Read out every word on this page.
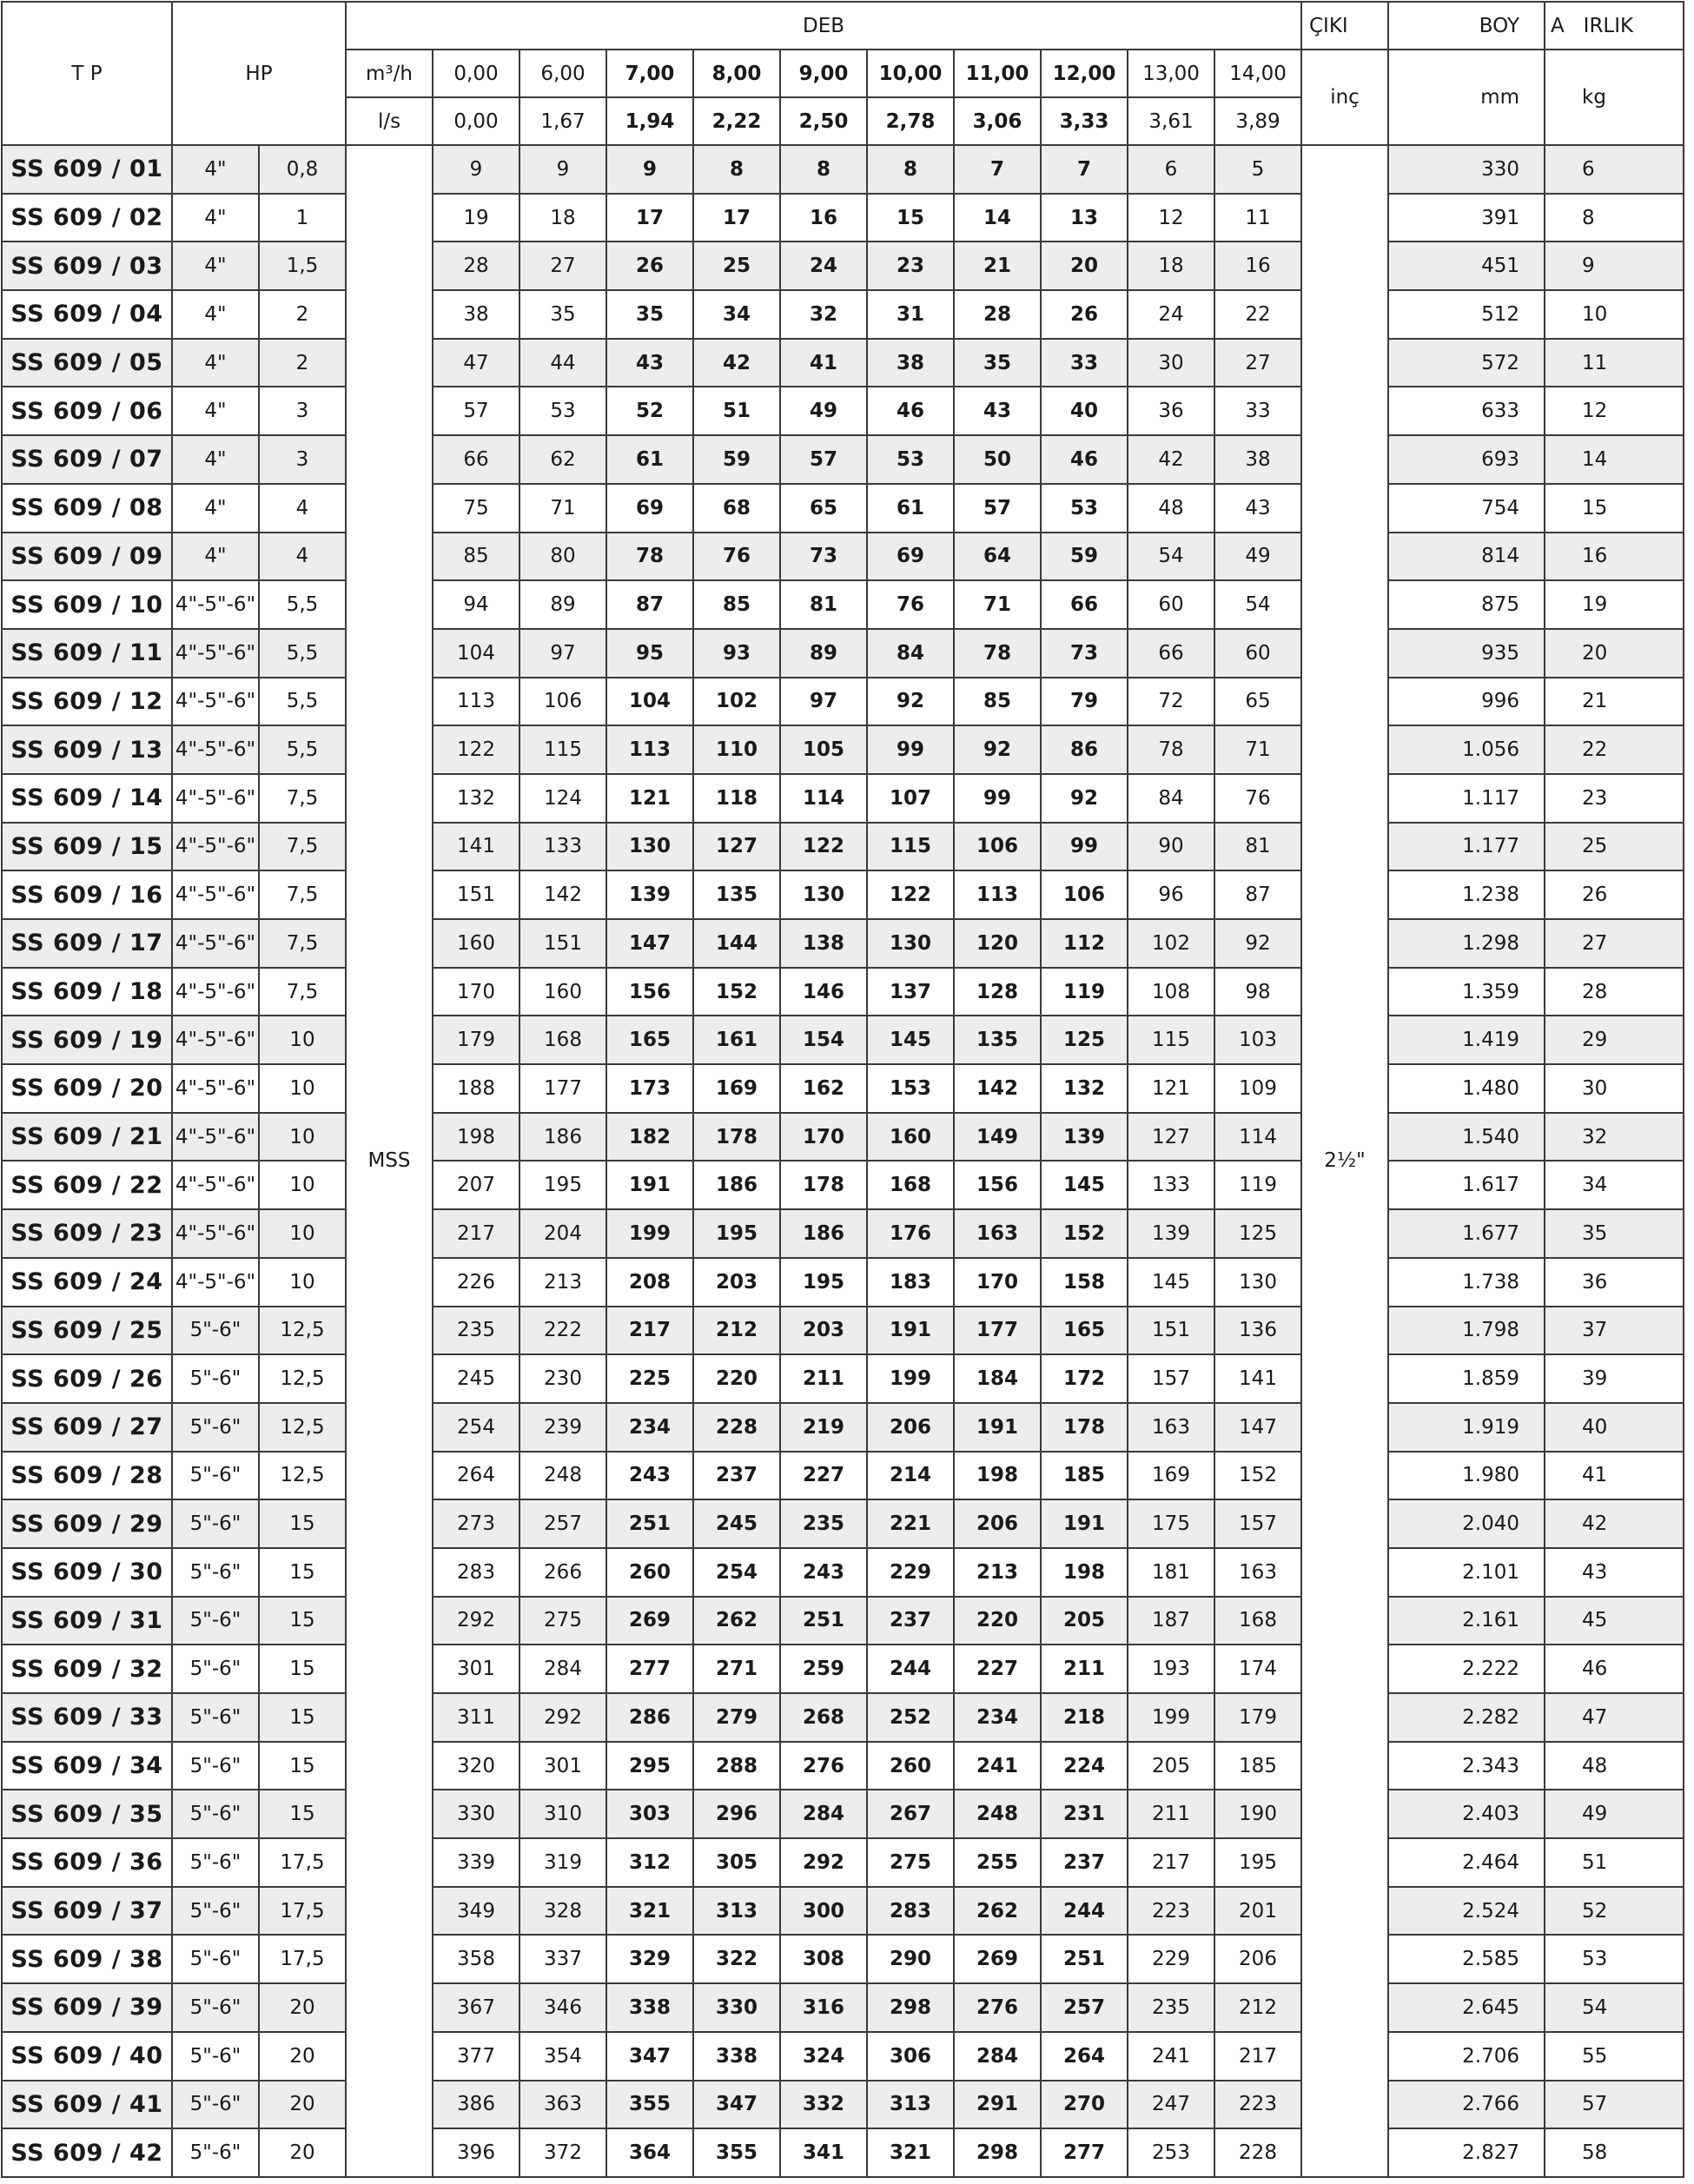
T P	HP		DEB											ÇIKI	BOY	A IRLIK
			m³/h	0,00	6,00	7,00	8,00	9,00	10,00	11,00	12,00	13,00	14,00	inç	mm	kg
			l/s	0,00	1,67	1,94	2,22	2,50	2,78	3,06	3,33	3,61	3,89			
SS 609 / 01	4"	0,8	MSS	9	9	9	8	8	8	7	7	6	5	2½"	330	6
SS 609 / 02	4"	1		19	18	17	17	16	15	14	13	12	11		391	8
SS 609 / 03	4"	1,5		28	27	26	25	24	23	21	20	18	16		451	9
SS 609 / 04	4"	2		38	35	35	34	32	31	28	26	24	22		512	10
SS 609 / 05	4"	2		47	44	43	42	41	38	35	33	30	27		572	11
SS 609 / 06	4"	3		57	53	52	51	49	46	43	40	36	33		633	12
SS 609 / 07	4"	3		66	62	61	59	57	53	50	46	42	38		693	14
SS 609 / 08	4"	4		75	71	69	68	65	61	57	53	48	43		754	15
SS 609 / 09	4"	4		85	80	78	76	73	69	64	59	54	49		814	16
SS 609 / 10	4"-5"-6"	5,5		94	89	87	85	81	76	71	66	60	54		875	19
SS 609 / 11	4"-5"-6"	5,5		104	97	95	93	89	84	78	73	66	60		935	20
SS 609 / 12	4"-5"-6"	5,5		113	106	104	102	97	92	85	79	72	65		996	21
SS 609 / 13	4"-5"-6"	5,5		122	115	113	110	105	99	92	86	78	71		1.056	22
SS 609 / 14	4"-5"-6"	7,5		132	124	121	118	114	107	99	92	84	76		1.117	23
SS 609 / 15	4"-5"-6"	7,5		141	133	130	127	122	115	106	99	90	81		1.177	25
SS 609 / 16	4"-5"-6"	7,5		151	142	139	135	130	122	113	106	96	87		1.238	26
SS 609 / 17	4"-5"-6"	7,5		160	151	147	144	138	130	120	112	102	92		1.298	27
SS 609 / 18	4"-5"-6"	7,5		170	160	156	152	146	137	128	119	108	98		1.359	28
SS 609 / 19	4"-5"-6"	10		179	168	165	161	154	145	135	125	115	103		1.419	29
SS 609 / 20	4"-5"-6"	10		188	177	173	169	162	153	142	132	121	109		1.480	30
SS 609 / 21	4"-5"-6"	10		198	186	182	178	170	160	149	139	127	114		1.540	32
SS 609 / 22	4"-5"-6"	10		207	195	191	186	178	168	156	145	133	119		1.617	34
SS 609 / 23	4"-5"-6"	10		217	204	199	195	186	176	163	152	139	125		1.677	35
SS 609 / 24	4"-5"-6"	10		226	213	208	203	195	183	170	158	145	130		1.738	36
SS 609 / 25	5"-6"	12,5		235	222	217	212	203	191	177	165	151	136		1.798	37
SS 609 / 26	5"-6"	12,5		245	230	225	220	211	199	184	172	157	141		1.859	39
SS 609 / 27	5"-6"	12,5		254	239	234	228	219	206	191	178	163	147		1.919	40
SS 609 / 28	5"-6"	12,5		264	248	243	237	227	214	198	185	169	152		1.980	41
SS 609 / 29	5"-6"	15		273	257	251	245	235	221	206	191	175	157		2.040	42
SS 609 / 30	5"-6"	15		283	266	260	254	243	229	213	198	181	163		2.101	43
SS 609 / 31	5"-6"	15		292	275	269	262	251	237	220	205	187	168		2.161	45
SS 609 / 32	5"-6"	15		301	284	277	271	259	244	227	211	193	174		2.222	46
SS 609 / 33	5"-6"	15		311	292	286	279	268	252	234	218	199	179		2.282	47
SS 609 / 34	5"-6"	15		320	301	295	288	276	260	241	224	205	185		2.343	48
SS 609 / 35	5"-6"	15		330	310	303	296	284	267	248	231	211	190		2.403	49
SS 609 / 36	5"-6"	17,5		339	319	312	305	292	275	255	237	217	195		2.464	51
SS 609 / 37	5"-6"	17,5		349	328	321	313	300	283	262	244	223	201		2.524	52
SS 609 / 38	5"-6"	17,5		358	337	329	322	308	290	269	251	229	206		2.585	53
SS 609 / 39	5"-6"	20		367	346	338	330	316	298	276	257	235	212		2.645	54
SS 609 / 40	5"-6"	20		377	354	347	338	324	306	284	264	241	217		2.706	55
SS 609 / 41	5"-6"	20		386	363	355	347	332	313	291	270	247	223		2.766	57
SS 609 / 42	5"-6"	20		396	372	364	355	341	321	298	277	253	228		2.827	58
